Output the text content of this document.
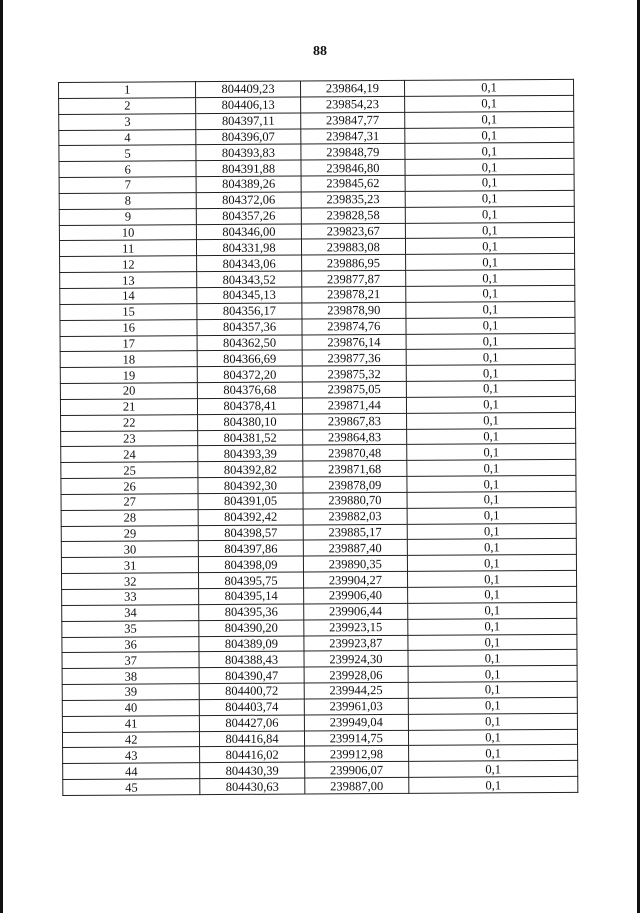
88
1	804409,23	239864,19	0,1
2	804406,13	239854,23	0,1
3	804397,11	239847,77	0,1
4	804396,07	239847,31	0,1
5	804393,83	239848,79	0,1
6	804391,88	239846,80	0,1
7	804389,26	239845,62	0,1
8	804372,06	239835,23	0,1
9	804357,26	239828,58	0,1
10	804346,00	239823,67	0,1
11	804331,98	239883,08	0,1
12	804343,06	239886,95	0,1
13	804343,52	239877,87	0,1
14	804345,13	239878,21	0,1
15	804356,17	239878,90	0,1
16	804357,36	239874,76	0,1
17	804362,50	239876,14	0,1
18	804366,69	239877,36	0,1
19	804372,20	239875,32	0,1
20	804376,68	239875,05	0,1
21	804378,41	239871,44	0,1
22	804380,10	239867,83	0,1
23	804381,52	239864,83	0,1
24	804393,39	239870,48	0,1
25	804392,82	239871,68	0,1
26	804392,30	239878,09	0,1
27	804391,05	239880,70	0,1
28	804392,42	239882,03	0,1
29	804398,57	239885,17	0,1
30	804397,86	239887,40	0,1
31	804398,09	239890,35	0,1
32	804395,75	239904,27	0,1
33	804395,14	239906,40	0,1
34	804395,36	239906,44	0,1
35	804390,20	239923,15	0,1
36	804389,09	239923,87	0,1
37	804388,43	239924,30	0,1
38	804390,47	239928,06	0,1
39	804400,72	239944,25	0,1
40	804403,74	239961,03	0,1
41	804427,06	239949,04	0,1
42	804416,84	239914,75	0,1
43	804416,02	239912,98	0,1
44	804430,39	239906,07	0,1
45	804430,63	239887,00	0,1
